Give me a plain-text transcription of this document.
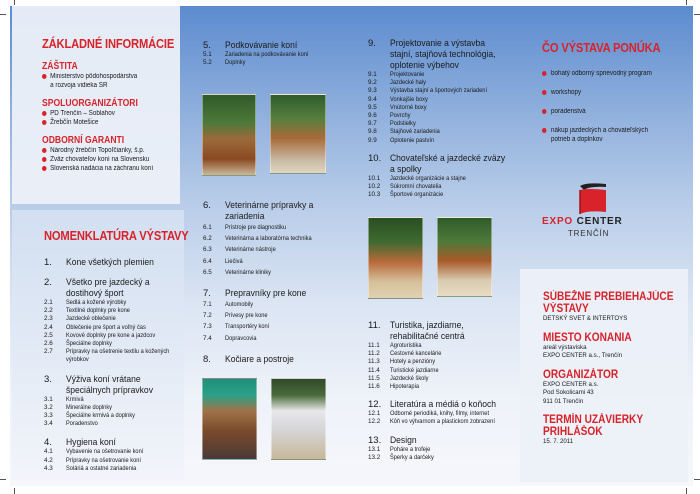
ZÁKLADNÉ INFORMÁCIE
ZÁŠTITA
Ministerstvo pôdohospodárstva
a rozvoja vidieka SR
SPOLUORGANIZÁTORI
PD Trenčín – Soblahov
Žrebčín Motešice
ODBORNÍ GARANTI
Národný žrebčín Topoľčianky, š.p.
Zväz chovateľov koní na Slovensku
Slovenská nadácia na záchranu koní
NOMENKLATÚRA VÝSTAVY
1.	Kone všetkých plemien
2.	Všetko pre jazdecký a dostihový šport
2.1	Sedlá a kožené výrobky
2.2	Textilné doplnky pre kone
2.3	Jazdecké oblečenie
2.4	Oblečenie pre šport a voľný čas
2.5	Kovové doplnky pre kone a jazdcov
2.6	Špeciálne doplnky
2.7	Prípravky na ošetrenie textilu a kožených výrobkov
3.	Výživa koní vrátane špeciálnych prípravkov
3.1	Krmivá
3.2	Minerálne doplnky
3.3	Špeciálne krmivá a doplnky
3.4	Poradenstvo
4.	Hygiena koní
4.1	Vybavenie na ošetrovanie koní
4.2	Prípravky na ošetrovanie koní
4.3	Soláriá a ostatné zariadenia
5.	Podkovávanie koní
5.1	Zariadenia na podkovávanie koní
5.2	Doplnky
6.	Veterinárne prípravky a zariadenia
6.1	Prístroje pre diagnostiku
6.2	Veterinárna a laboratórna technika
6.3	Veterinárne nástroje
6.4	Liečivá
6.5	Veterinárne kliniky
7.	Prepravníky pre kone
7.1	Automobily
7.2	Prívesy pre kone
7.3	Transportéry koní
7.4	Dopravcovia
8.	Kočiare a postroje
9.	Projektovanie a výstavba stajní, stajňová technológia, oplotenie výbehov
9.1	Projektovanie
9.2	Jazdecké haly
9.3	Výstavba stajní a športových zariadení
9.4	Vonkajšie boxy
9.5	Vnútorné boxy
9.6	Povrchy
9.7	Podstielky
9.8	Stajňové zariadenia
9.9	Oplotenie pastvín
10. Chovateľské a jazdecké zväzy a spolky
10.1	Jazdecké organizácie a stajne
10.2	Súkromní chovatelia
10.3	Športové organizácie
11. Turistika, jazdiarne, rehabilitačné centrá
11.1	Agroturistika
11.2	Cestovné kancelárie
11.3	Hotely a penzióny
11.4	Turistické jazdiarne
11.5	Jazdecké školy
11.6	Hipoterapia
12. Literatúra a médiá o koňoch
12.1	Odborné periodiká, knihy, filmy, internet
12.2	Kôň vo výtvarnom a plastickom zobrazení
13. Design
13.1	Poháre a trofeje
13.2	Šperky a darčeky
ČO VÝSTAVA PONÚKA
bohatý odborný sprievodný program
workshopy
poradenstvá
nákup jazdeckých a chovateľských
potrieb a doplnkov
EXPO CENTER
TRENČÍN
SÚBEŽNE PREBIEHAJÚCE
VÝSTAVY
DETSKÝ SVET & INTERTOYS
MIESTO KONANIA
areál výstaviska
EXPO CENTER a.s., Trenčín
ORGANIZÁTOR
EXPO CENTER a.s.
Pod Sokolicami 43
911 01 Trenčín
TERMÍN UZÁVIERKY
PRIHLÁŠOK
15. 7. 2011
